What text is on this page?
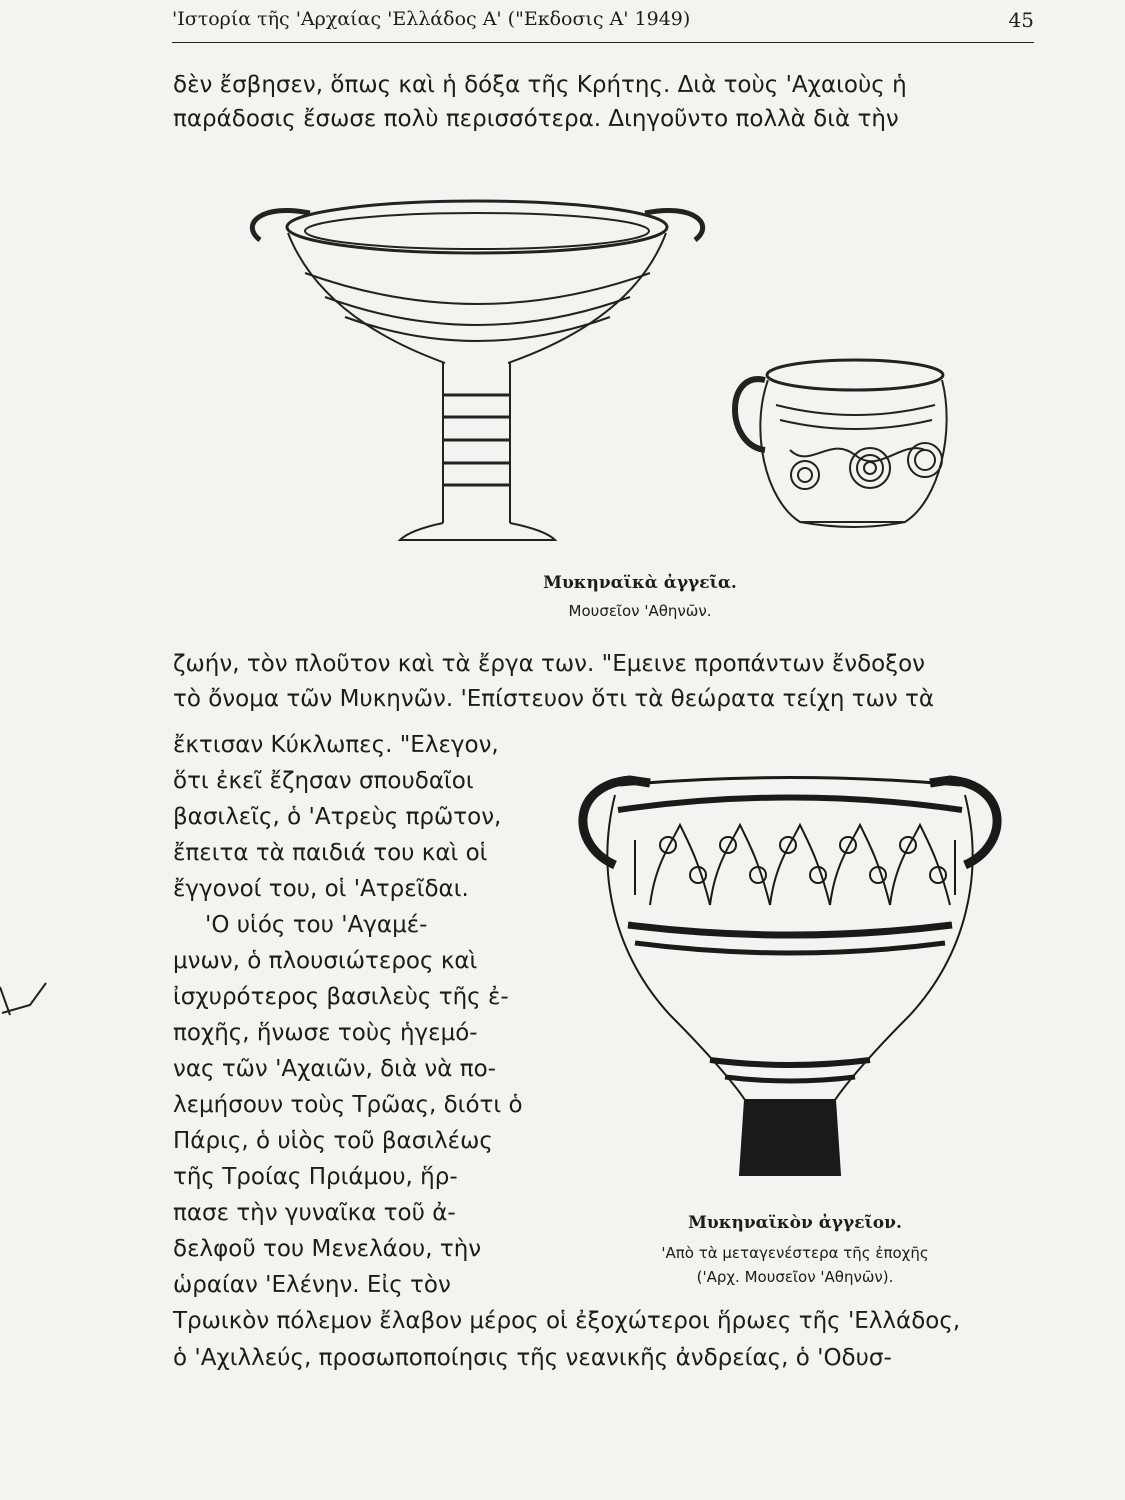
'Ιστορία τῆς 'Αρχαίας 'Ελλάδος Α' ("Εκδοσις Α' 1949)	45
δὲν ἔσβησεν, ὅπως καὶ ἡ δόξα τῆς Κρήτης. Διὰ τοὺς 'Αχαιοὺς ἡ
παράδοσις ἔσωσε πολὺ περισσότερα. Διηγοῦντο πολλὰ διὰ τὴν
Μυκηναϊκὰ ἀγγεῖα.
Μουσεῖον 'Αθηνῶν.
ζωήν, τὸν πλοῦτον καὶ τὰ ἔργα των. "Εμεινε προπάντων ἔνδοξον
τὸ ὄνομα τῶν Μυκηνῶν. 'Επίστευον ὅτι τὰ θεώρατα τείχη των τὰ
ἔκτισαν Κύκλωπες. "Ελεγον,
ὅτι ἐκεῖ ἔζησαν σπουδαῖοι
βασιλεῖς, ὁ 'Ατρεὺς πρῶτον,
ἔπειτα τὰ παιδιά του καὶ οἱ
ἔγγονοί του, οἱ 'Ατρεῖδαι.
'Ο υἱός του 'Αγαμέ-
μνων, ὁ πλουσιώτερος καὶ
ἰσχυρότερος βασιλεὺς τῆς ἐ-
ποχῆς, ἥνωσε τοὺς ἡγεμό-
νας τῶν 'Αχαιῶν, διὰ νὰ πο-
λεμήσουν τοὺς Τρῶας, διότι ὁ
Πάρις, ὁ υἱὸς τοῦ βασιλέως
τῆς Τροίας Πριάμου, ἥρ-
πασε τὴν γυναῖκα τοῦ ἀ-
δελφοῦ του Μενελάου, τὴν
ὡραίαν 'Ελένην. Εἰς τὸν
Μυκηναϊκὸν ἀγγεῖον.
'Απὸ τὰ μεταγενέστερα τῆς ἐποχῆς
('Αρχ. Μουσεῖον 'Αθηνῶν).
Τρωικὸν πόλεμον ἔλαβον μέρος οἱ ἐξοχώτεροι ἥρωες τῆς 'Ελλάδος,
ὁ 'Αχιλλεύς, προσωποποίησις τῆς νεανικῆς ἀνδρείας, ὁ 'Οδυσ-
